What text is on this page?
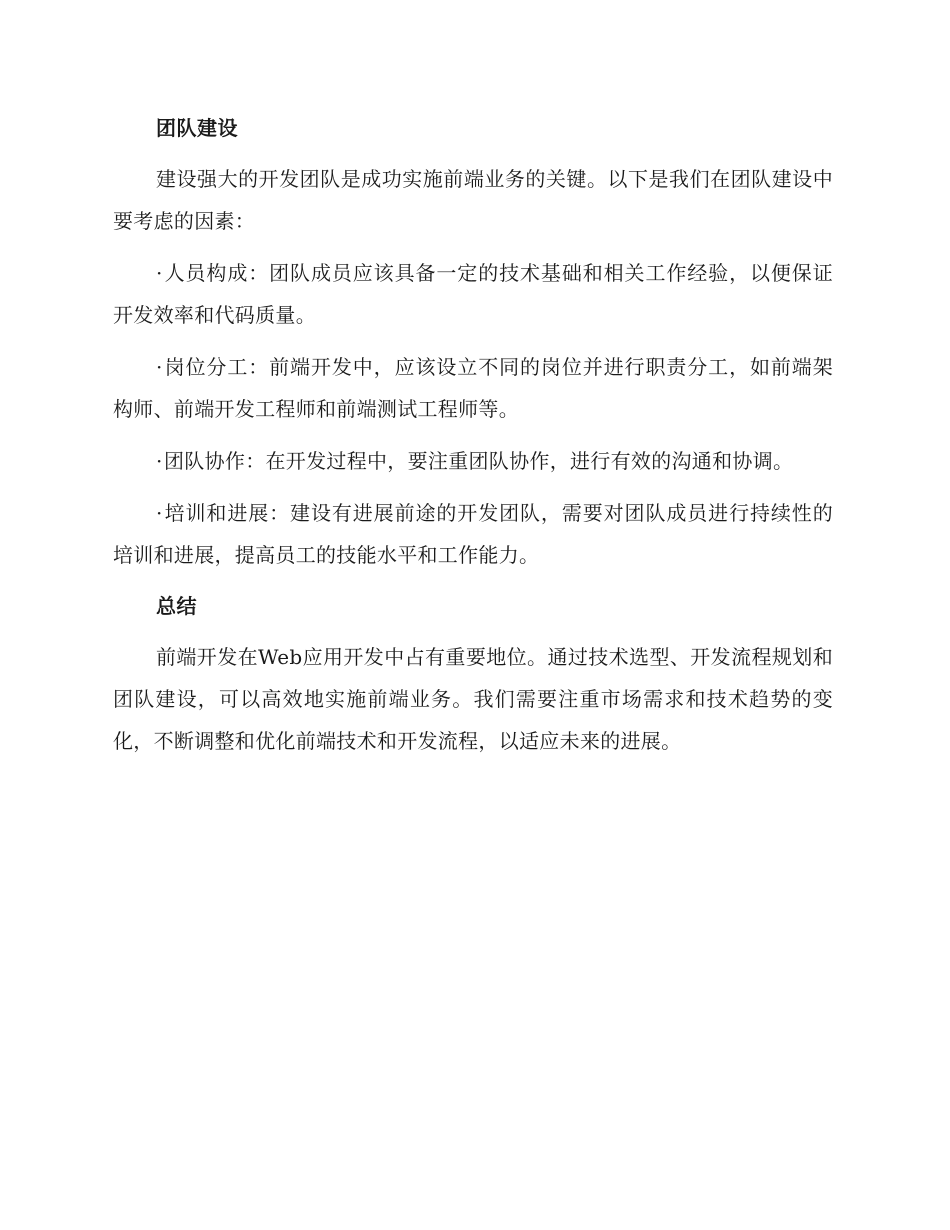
团队建设

建设强大的开发团队是成功实施前端业务的关键。以下是我们在团队建设中要考虑的因素：

·人员构成：团队成员应该具备一定的技术基础和相关工作经验，以便保证开发效率和代码质量。

·岗位分工：前端开发中，应该设立不同的岗位并进行职责分工，如前端架构师、前端开发工程师和前端测试工程师等。

·团队协作：在开发过程中，要注重团队协作，进行有效的沟通和协调。

·培训和进展：建设有进展前途的开发团队，需要对团队成员进行持续性的培训和进展，提高员工的技能水平和工作能力。

总结

前端开发在Web应用开发中占有重要地位。通过技术选型、开发流程规划和团队建设，可以高效地实施前端业务。我们需要注重市场需求和技术趋势的变化，不断调整和优化前端技术和开发流程，以适应未来的进展。
